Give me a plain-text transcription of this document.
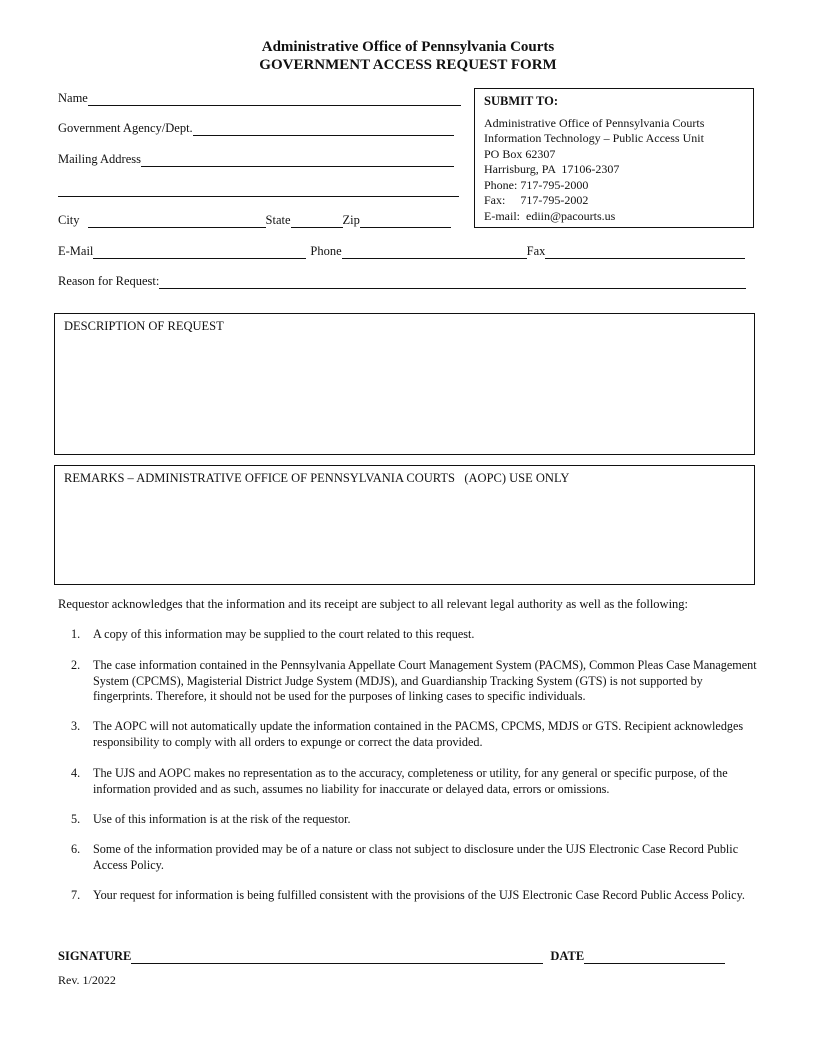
Administrative Office of Pennsylvania Courts
GOVERNMENT ACCESS REQUEST FORM
Name
Government Agency/Dept.
Mailing Address
City	State	Zip
SUBMIT TO:
Administrative Office of Pennsylvania Courts
Information Technology – Public Access Unit
PO Box 62307
Harrisburg, PA  17106-2307
Phone: 717-795-2000
Fax:     717-795-2002
E-mail:  ediin@pacourts.us
E-Mail	Phone	Fax
Reason for Request:
DESCRIPTION OF REQUEST
REMARKS – ADMINISTRATIVE OFFICE OF PENNSYLVANIA COURTS   (AOPC) USE ONLY
Requestor acknowledges that the information and its receipt are subject to all relevant legal authority as well as the following:
1.	A copy of this information may be supplied to the court related to this request.
2.	The case information contained in the Pennsylvania Appellate Court Management System (PACMS), Common Pleas Case Management System (CPCMS), Magisterial District Judge System (MDJS), and Guardianship Tracking System (GTS) is not supported by fingerprints. Therefore, it should not be used for the purposes of linking cases to specific individuals.
3.	The AOPC will not automatically update the information contained in the PACMS, CPCMS, MDJS or GTS. Recipient acknowledges responsibility to comply with all orders to expunge or correct the data provided.
4.	The UJS and AOPC makes no representation as to the accuracy, completeness or utility, for any general or specific purpose, of the information provided and as such, assumes no liability for inaccurate or delayed data, errors or omissions.
5.	Use of this information is at the risk of the requestor.
6.	Some of the information provided may be of a nature or class not subject to disclosure under the UJS Electronic Case Record Public Access Policy.
7.	Your request for information is being fulfilled consistent with the provisions of the UJS Electronic Case Record Public Access Policy.
SIGNATURE	DATE
Rev. 1/2022
